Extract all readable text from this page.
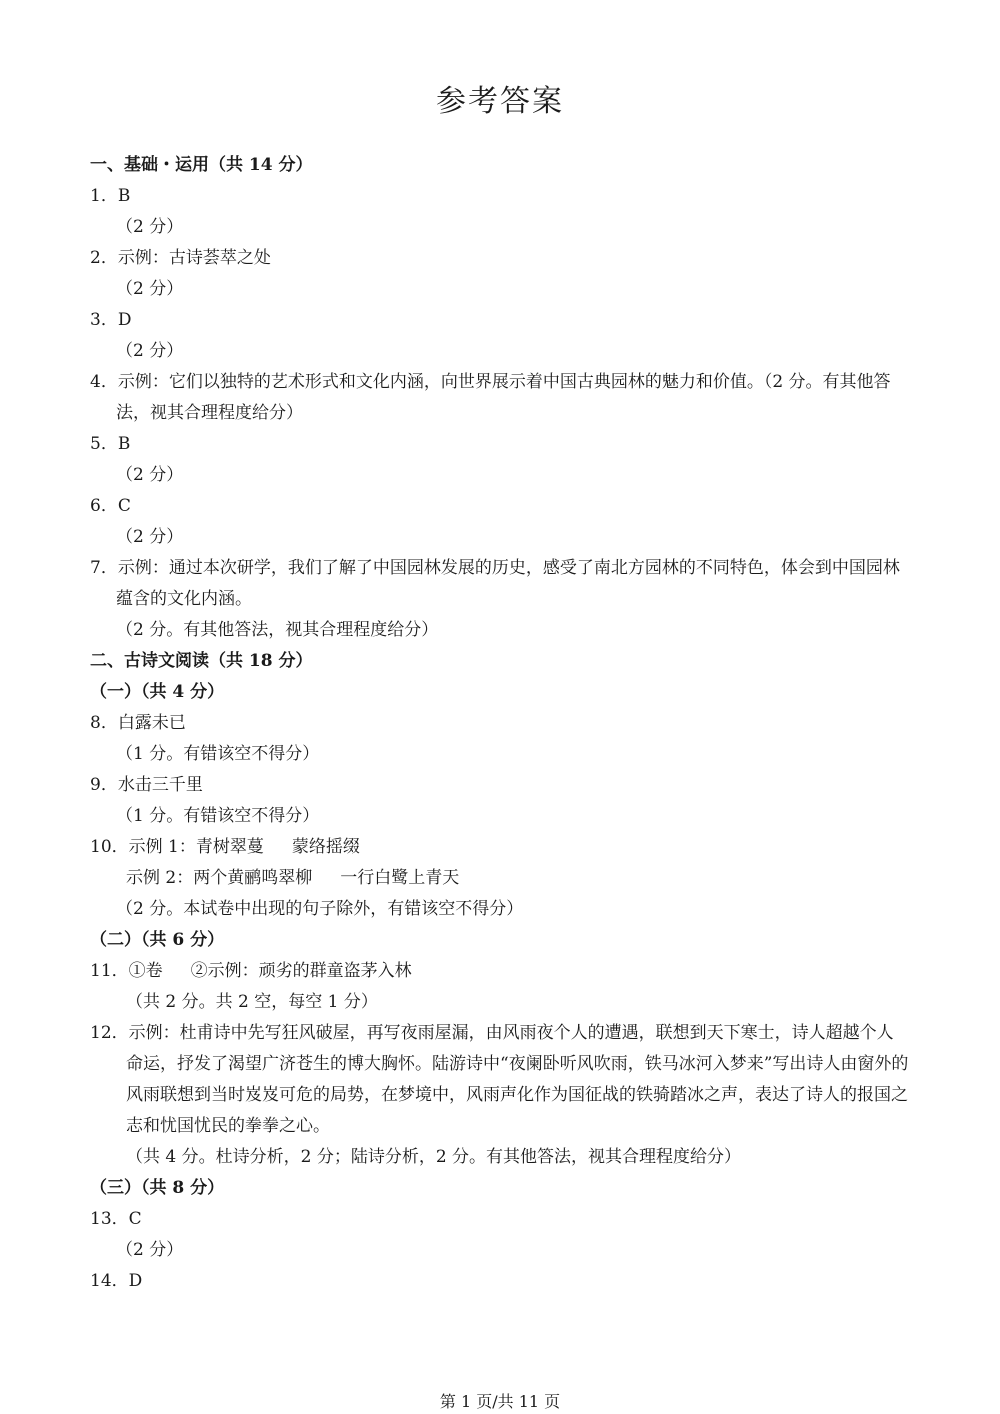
参考答案
一、基础・运用（共 14 分）
1．B
（2 分）
2．示例：古诗荟萃之处
（2 分）
3．D
（2 分）
4．示例：它们以独特的艺术形式和文化内涵，向世界展示着中国古典园林的魅力和价值。（2 分。有其他答法，视其合理程度给分）
5．B
（2 分）
6．C
（2 分）
7．示例：通过本次研学，我们了解了中国园林发展的历史，感受了南北方园林的不同特色，体会到中国园林蕴含的文化内涵。
（2 分。有其他答法，视其合理程度给分）
二、古诗文阅读（共 18 分）
（一）（共 4 分）
8．白露未已
（1 分。有错该空不得分）
9．水击三千里
（1 分。有错该空不得分）
10．示例 1：青树翠蔓 蒙络摇缀
示例 2：两个黄鹂鸣翠柳 一行白鹭上青天
（2 分。本试卷中出现的句子除外，有错该空不得分）
（二）（共 6 分）
11．①卷 ②示例：顽劣的群童盗茅入林
（共 2 分。共 2 空，每空 1 分）
12．示例：杜甫诗中先写狂风破屋，再写夜雨屋漏，由风雨夜个人的遭遇，联想到天下寒士，诗人超越个人命运，抒发了渴望广济苍生的博大胸怀。陆游诗中“夜阑卧听风吹雨，铁马冰河入梦来”写出诗人由窗外的风雨联想到当时岌岌可危的局势，在梦境中，风雨声化作为国征战的铁骑踏冰之声，表达了诗人的报国之志和忧国忧民的拳拳之心。
（共 4 分。杜诗分析，2 分；陆诗分析，2 分。有其他答法，视其合理程度给分）
（三）（共 8 分）
13．C
（2 分）
14．D
第 1 页/共 11 页
